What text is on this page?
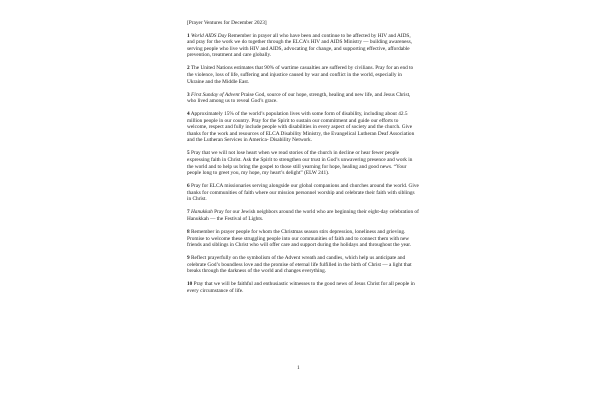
[Prayer Ventures for December 2023]
1 World AIDS Day Remember in prayer all who have been and continue to be affected by HIV and AIDS, and pray for the work we do together through the ELCA’s HIV and AIDS Ministry — building awareness, serving people who live with HIV and AIDS, advocating for change, and supporting effective, affordable prevention, treatment and care globally.
2 The United Nations estimates that 90% of wartime casualties are suffered by civilians. Pray for an end to the violence, loss of life, suffering and injustice caused by war and conflict in the world, especially in Ukraine and the Middle East.
3 First Sunday of Advent Praise God, source of our hope, strength, healing and new life, and Jesus Christ, who lived among us to reveal God’s grace.
4 Approximately 15% of the world’s population lives with some form of disability, including about 42.5 million people in our country. Pray for the Spirit to sustain our commitment and guide our efforts to welcome, respect and fully include people with disabilities in every aspect of society and the church. Give thanks for the work and resources of ELCA Disability Ministry, the Evangelical Lutheran Deaf Association and the Lutheran Services in America- Disability Network.
5 Pray that we will not lose heart when we read stories of the church in decline or hear fewer people expressing faith in Christ. Ask the Spirit to strengthen our trust in God’s unwavering presence and work in the world and to help us bring the gospel to those still yearning for hope, healing and good news. “Your people long to greet you, my hope, my heart’s delight” (ELW 241).
6 Pray for ELCA missionaries serving alongside our global companions and churches around the world. Give thanks for communities of faith where our mission personnel worship and celebrate their faith with siblings in Christ.
7 Hanukkah Pray for our Jewish neighbors around the world who are beginning their eight-day celebration of Hanukkah — the Festival of Lights.
8 Remember in prayer people for whom the Christmas season stirs depression, loneliness and grieving. Promise to welcome these struggling people into our communities of faith and to connect them with new friends and siblings in Christ who will offer care and support during the holidays and throughout the year.
9 Reflect prayerfully on the symbolism of the Advent wreath and candles, which help us anticipate and celebrate God’s boundless love and the promise of eternal life fulfilled in the birth of Christ — a light that breaks through the darkness of the world and changes everything.
10 Pray that we will be faithful and enthusiastic witnesses to the good news of Jesus Christ for all people in every circumstance of life.
1
